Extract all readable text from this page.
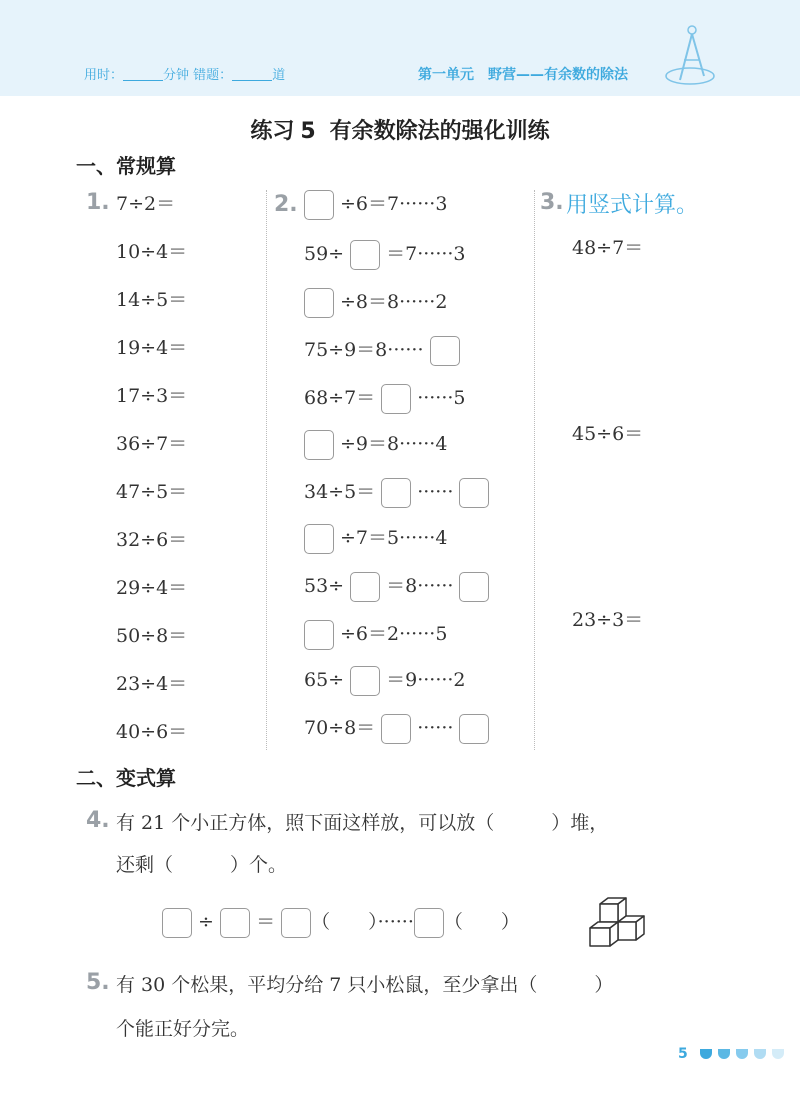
用时：	分钟 错题：	道	第一单元　野营——有余数的除法
练习 5 有余数除法的强化训练
一、常规算
1. 7÷2＝
10÷4＝
14÷5＝
19÷4＝
17÷3＝
36÷7＝
47÷5＝
32÷6＝
29÷4＝
50÷8＝
23÷4＝
40÷6＝
2.	÷6＝7······3
59÷ ＝7······3
÷8＝8······2
75÷9＝8······
68÷7＝ ······5
÷9＝8······4
34÷5＝ ······
÷7＝5······4
53÷ ＝8······
÷6＝2······5
65÷ ＝9······2
70÷8＝ ······
3. 用竖式计算。
48÷7＝
45÷6＝
23÷3＝
二、变式算
4. 有 21 个小正方体，照下面这样放，可以放（　　　）堆，
还剩（　　　）个。
÷ ＝ （　　）······ （　　）
5. 有 30 个松果，平均分给 7 只小松鼠，至少拿出（　　　）
个能正好分完。
5
